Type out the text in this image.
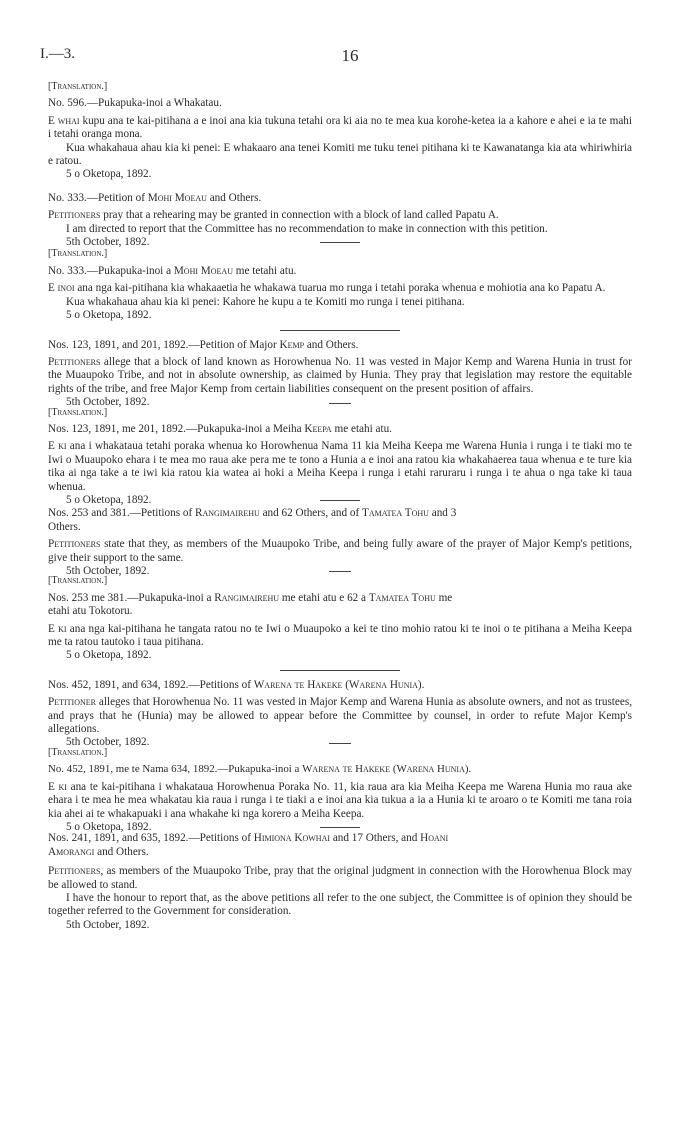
I.—3.	16

[Translation.]

No. 596.—Pukapuka-inoi a Whakatau.

E whai kupu ana te kai-pitihana a e inoi ana kia tukuna tetahi ora ki aia no te mea kua korohe-ketea ia a kahore e ahei e ia te mahi i tetahi oranga mona.

Kua whakahaua ahau kia ki penei: E whakaaro ana tenei Komiti me tuku tenei pitihana ki te Kawanatanga kia ata whiriwhiria e ratou.

5 o Oketopa, 1892.

No. 333.—Petition of Mohi Moeau and Others.

Petitioners pray that a rehearing may be granted in connection with a block of land called Papatu A.

I am directed to report that the Committee has no recommendation to make in connection with this petition.

5th October, 1892.

[Translation.]

No. 333.—Pukapuka-inoi a Mohi Moeau me tetahi atu.

E inoi ana nga kai-pitihana kia whakaaetia he whakawa tuarua mo runga i tetahi poraka whenua e mohiotia ana ko Papatu A.

Kua whakahaua ahau kia ki penei: Kahore he kupu a te Komiti mo runga i tenei pitihana.

5 o Oketopa, 1892.

Nos. 123, 1891, and 201, 1892.—Petition of Major Kemp and Others.

Petitioners allege that a block of land known as Horowhenua No. 11 was vested in Major Kemp and Warena Hunia in trust for the Muaupoko Tribe, and not in absolute ownership, as claimed by Hunia. They pray that legislation may restore the equitable rights of the tribe, and free Major Kemp from certain liabilities consequent on the present position of affairs.

5th October, 1892.

[Translation.]

Nos. 123, 1891, me 201, 1892.—Pukapuka-inoi a Meiha Keepa me etahi atu.

E ki ana i whakataua tetahi poraka whenua ko Horowhenua Nama 11 kia Meiha Keepa me Warena Hunia i runga i te tiaki mo te Iwi o Muaupoko ehara i te mea mo raua ake pera me te tono a Hunia a e inoi ana ratou kia whakahaerea taua whenua e te ture kia tika ai nga take a te iwi kia ratou kia watea ai hoki a Meiha Keepa i runga i etahi raruraru i runga i te ahua o nga take ki taua whenua.

5 o Oketopa, 1892.

Nos. 253 and 381.—Petitions of Rangimairehu and 62 Others, and of Tamatea Tohu and 3

Others.

Petitioners state that they, as members of the Muaupoko Tribe, and being fully aware of the prayer of Major Kemp's petitions, give their support to the same.

5th October, 1892.

[Translation.]

Nos. 253 me 381.—Pukapuka-inoi a Rangimairehu me etahi atu e 62 a Tamatea Tohu me

etahi atu Tokotoru.

E ki ana nga kai-pitihana he tangata ratou no te Iwi o Muaupoko a kei te tino mohio ratou ki te inoi o te pitihana a Meiha Keepa me ta ratou tautoko i taua pitihana.

5 o Oketopa, 1892.

Nos. 452, 1891, and 634, 1892.—Petitions of Warena te Hakeke (Warena Hunia).

Petitioner alleges that Horowhenua No. 11 was vested in Major Kemp and Warena Hunia as absolute owners, and not as trustees, and prays that he (Hunia) may be allowed to appear before the Committee by counsel, in order to refute Major Kemp's allegations.

5th October, 1892.

[Translation.]

No. 452, 1891, me te Nama 634, 1892.—Pukapuka-inoi a Warena te Hakeke (Warena Hunia).

E ki ana te kai-pitihana i whakataua Horowhenua Poraka No. 11, kia raua ara kia Meiha Keepa me Warena Hunia mo raua ake ehara i te mea he mea whakatau kia raua i runga i te tiaki a e inoi ana kia tukua a ia a Hunia ki te aroaro o te Komiti me tana roia kia ahei ai te whakapuaki i ana whakahe ki nga korero a Meiha Keepa.

5 o Oketopa, 1892.

Nos. 241, 1891, and 635, 1892.—Petitions of Himiona Kowhai and 17 Others, and Hoani

Amorangi and Others.

Petitioners, as members of the Muaupoko Tribe, pray that the original judgment in connection with the Horowhenua Block may be allowed to stand.

I have the honour to report that, as the above petitions all refer to the one subject, the Committee is of opinion they should be together referred to the Government for consideration.

5th October, 1892.
